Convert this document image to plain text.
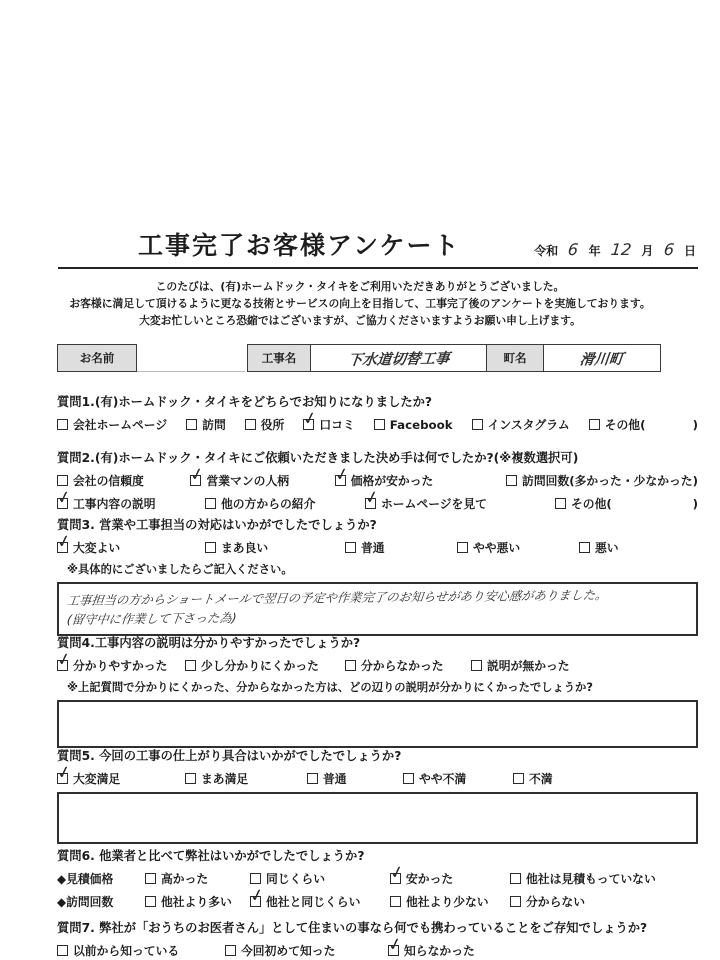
工事完了お客様アンケート	令和 6 年 12 月 6 日
このたびは、(有)ホームドック・タイキをご利用いただきありがとうございました。
お客様に満足して頂けるように更なる技術とサービスの向上を目指して、工事完了後のアンケートを実施しております。
大変お忙しいところ恐縮ではございますが、ご協力くださいますようお願い申し上げます。
お名前	工事名	下水道切替工事	町名	滑川町
質問1.(有)ホームドック・タイキをどちらでお知りになりましたか?
会社ホームページ	訪問	役所 ✓	口コミ	Facebook	インスタグラム	その他(	)
質問2.(有)ホームドック・タイキにご依頼いただきました決め手は何でしたか?(※複数選択可)
会社の信頼度 ✓	営業マンの人柄 ✓	価格が安かった	訪問回数(多かった・少なかった)
✓
工事内容の説明	他の方からの紹介 ✓	ホームページを見て	その他(	)
質問3. 営業や工事担当の対応はいかがでしたでしょうか?
✓
大変よい	まあ良い	普通	やや悪い	悪い
※具体的にございましたらご記入ください。
工事担当の方からショートメールで翌日の予定や作業完了のお知らせがあり安心感がありました。 (留守中に作業して下さった為)
質問4.工事内容の説明は分かりやすかったでしょうか?
✓
分かりやすかった	少し分かりにくかった	分からなかった	説明が無かった
※上記質問で分かりにくかった、分からなかった方は、どの辺りの説明が分かりにくかったでしょうか?
質問5. 今回の工事の仕上がり具合はいかがでしたでしょうか?
✓
大変満足	まあ満足	普通	やや不満	不満
質問6. 他業者と比べて弊社はいかがでしたでしょうか?
◆見積価格	高かった	同じくらい ✓	安かった	他社は見積もっていない
◆訪問回数	他社より多い ✓	他社と同じくらい	他社より少ない	分からない
質問7. 弊社が「おうちのお医者さん」として住まいの事なら何でも携わっていることをご存知でしょうか?
以前から知っている	今回初めて知った ✓	知らなかった
